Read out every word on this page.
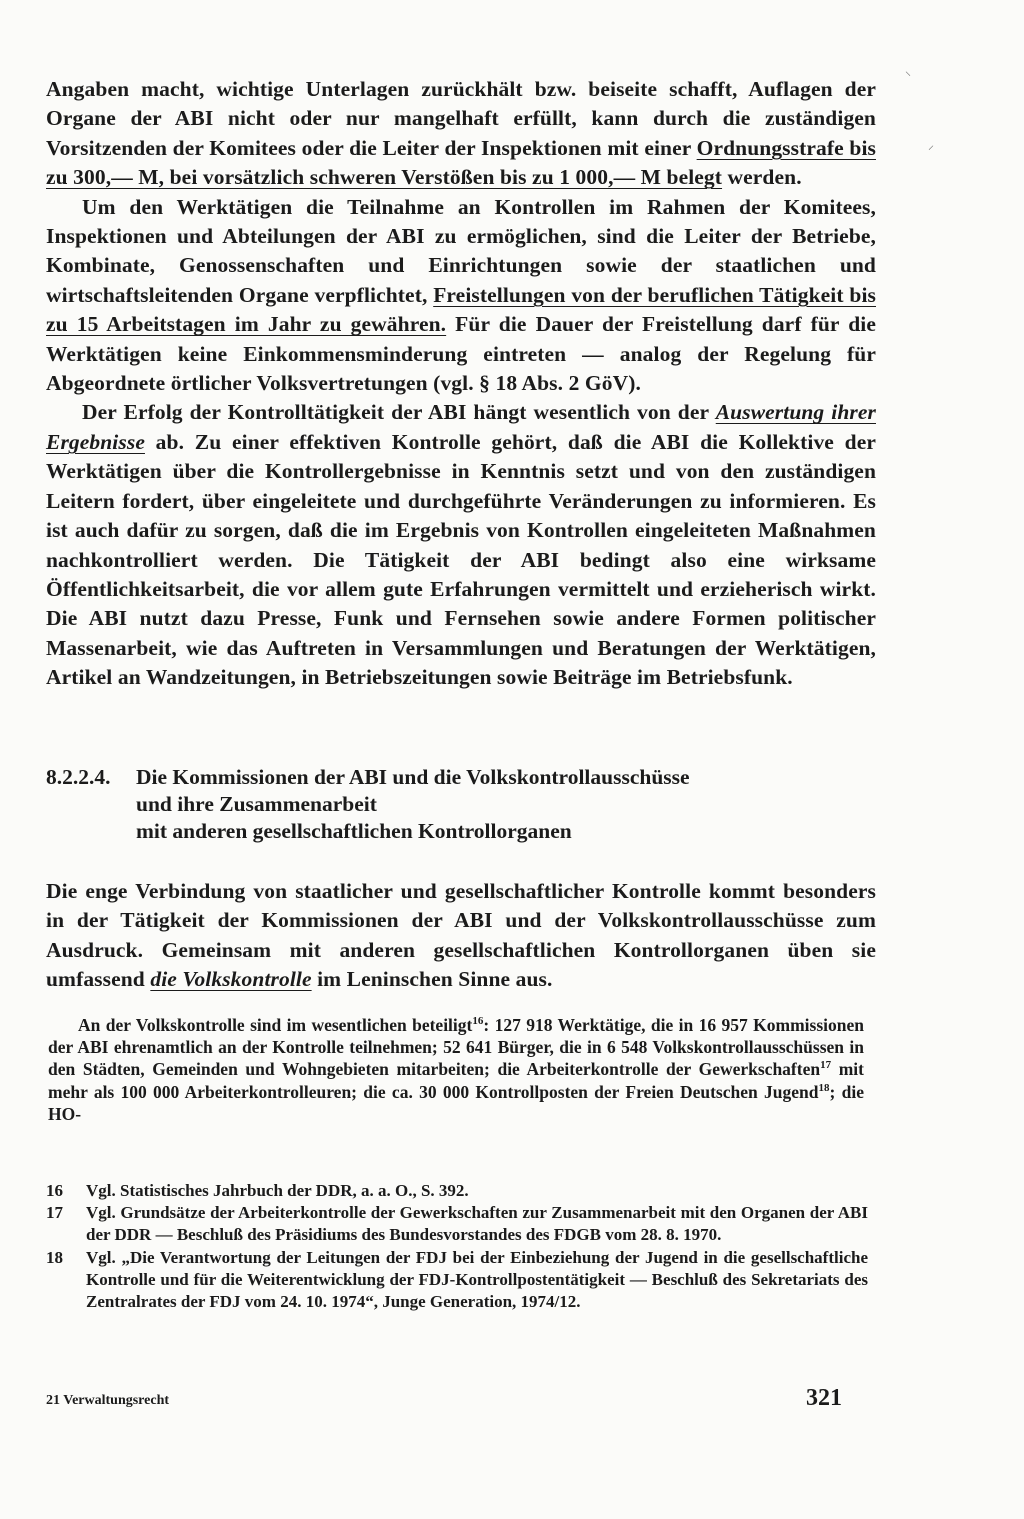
Angaben macht, wichtige Unterlagen zurückhält bzw. beiseite schafft, Auflagen der Organe der ABI nicht oder nur mangelhaft erfüllt, kann durch die zuständigen Vorsitzenden der Komitees oder die Leiter der Inspektionen mit einer Ordnungsstrafe bis zu 300,— M, bei vorsätzlich schweren Verstößen bis zu 1 000,— M belegt werden.

Um den Werktätigen die Teilnahme an Kontrollen im Rahmen der Komitees, Inspektionen und Abteilungen der ABI zu ermöglichen, sind die Leiter der Betriebe, Kombinate, Genossenschaften und Einrichtungen sowie der staatlichen und wirtschaftsleitenden Organe verpflichtet, Freistellungen von der beruflichen Tätigkeit bis zu 15 Arbeitstagen im Jahr zu gewähren. Für die Dauer der Freistellung darf für die Werktätigen keine Einkommensminderung eintreten — analog der Regelung für Abgeordnete örtlicher Volksvertretungen (vgl. § 18 Abs. 2 GöV).

Der Erfolg der Kontrolltätigkeit der ABI hängt wesentlich von der Auswertung ihrer Ergebnisse ab. Zu einer effektiven Kontrolle gehört, daß die ABI die Kollektive der Werktätigen über die Kontrollergebnisse in Kenntnis setzt und von den zuständigen Leitern fordert, über eingeleitete und durchgeführte Veränderungen zu informieren. Es ist auch dafür zu sorgen, daß die im Ergebnis von Kontrollen eingeleiteten Maßnahmen nachkontrolliert werden. Die Tätigkeit der ABI bedingt also eine wirksame Öffentlichkeitsarbeit, die vor allem gute Erfahrungen vermittelt und erzieherisch wirkt. Die ABI nutzt dazu Presse, Funk und Fernsehen sowie andere Formen politischer Massenarbeit, wie das Auftreten in Versammlungen und Beratungen der Werktätigen, Artikel an Wandzeitungen, in Betriebszeitungen sowie Beiträge im Betriebsfunk.

8.2.2.4. Die Kommissionen der ABI und die Volkskontrollausschüsse
und ihre Zusammenarbeit
mit anderen gesellschaftlichen Kontrollorganen

Die enge Verbindung von staatlicher und gesellschaftlicher Kontrolle kommt besonders in der Tätigkeit der Kommissionen der ABI und der Volkskontrollausschüsse zum Ausdruck. Gemeinsam mit anderen gesellschaftlichen Kontrollorganen üben sie umfassend die Volkskontrolle im Leninschen Sinne aus.

An der Volkskontrolle sind im wesentlichen beteiligt$^{16}$: 127 918 Werktätige, die in 16 957 Kommissionen der ABI ehrenamtlich an der Kontrolle teilnehmen; 52 641 Bürger, die in 6 548 Volkskontrollausschüssen in den Städten, Gemeinden und Wohngebieten mitarbeiten; die Arbeiterkontrolle der Gewerkschaften$^{17}$ mit mehr als 100 000 Arbeiterkontrolleuren; die ca. 30 000 Kontrollposten der Freien Deutschen Jugend$^{18}$; die HO-

16	Vgl. Statistisches Jahrbuch der DDR, a. a. O., S. 392.
17	Vgl. Grundsätze der Arbeiterkontrolle der Gewerkschaften zur Zusammenarbeit mit den Organen der ABI der DDR — Beschluß des Präsidiums des Bundesvorstandes des FDGB vom 28. 8. 1970.
18	Vgl. „Die Verantwortung der Leitungen der FDJ bei der Einbeziehung der Jugend in die gesellschaftliche Kontrolle und für die Weiterentwicklung der FDJ-Kontrollpostentätigkeit — Beschluß des Sekretariats des Zentralrates der FDJ vom 24. 10. 1974“, Junge Generation, 1974/12.
21 Verwaltungsrecht	321
⸜
⸝
